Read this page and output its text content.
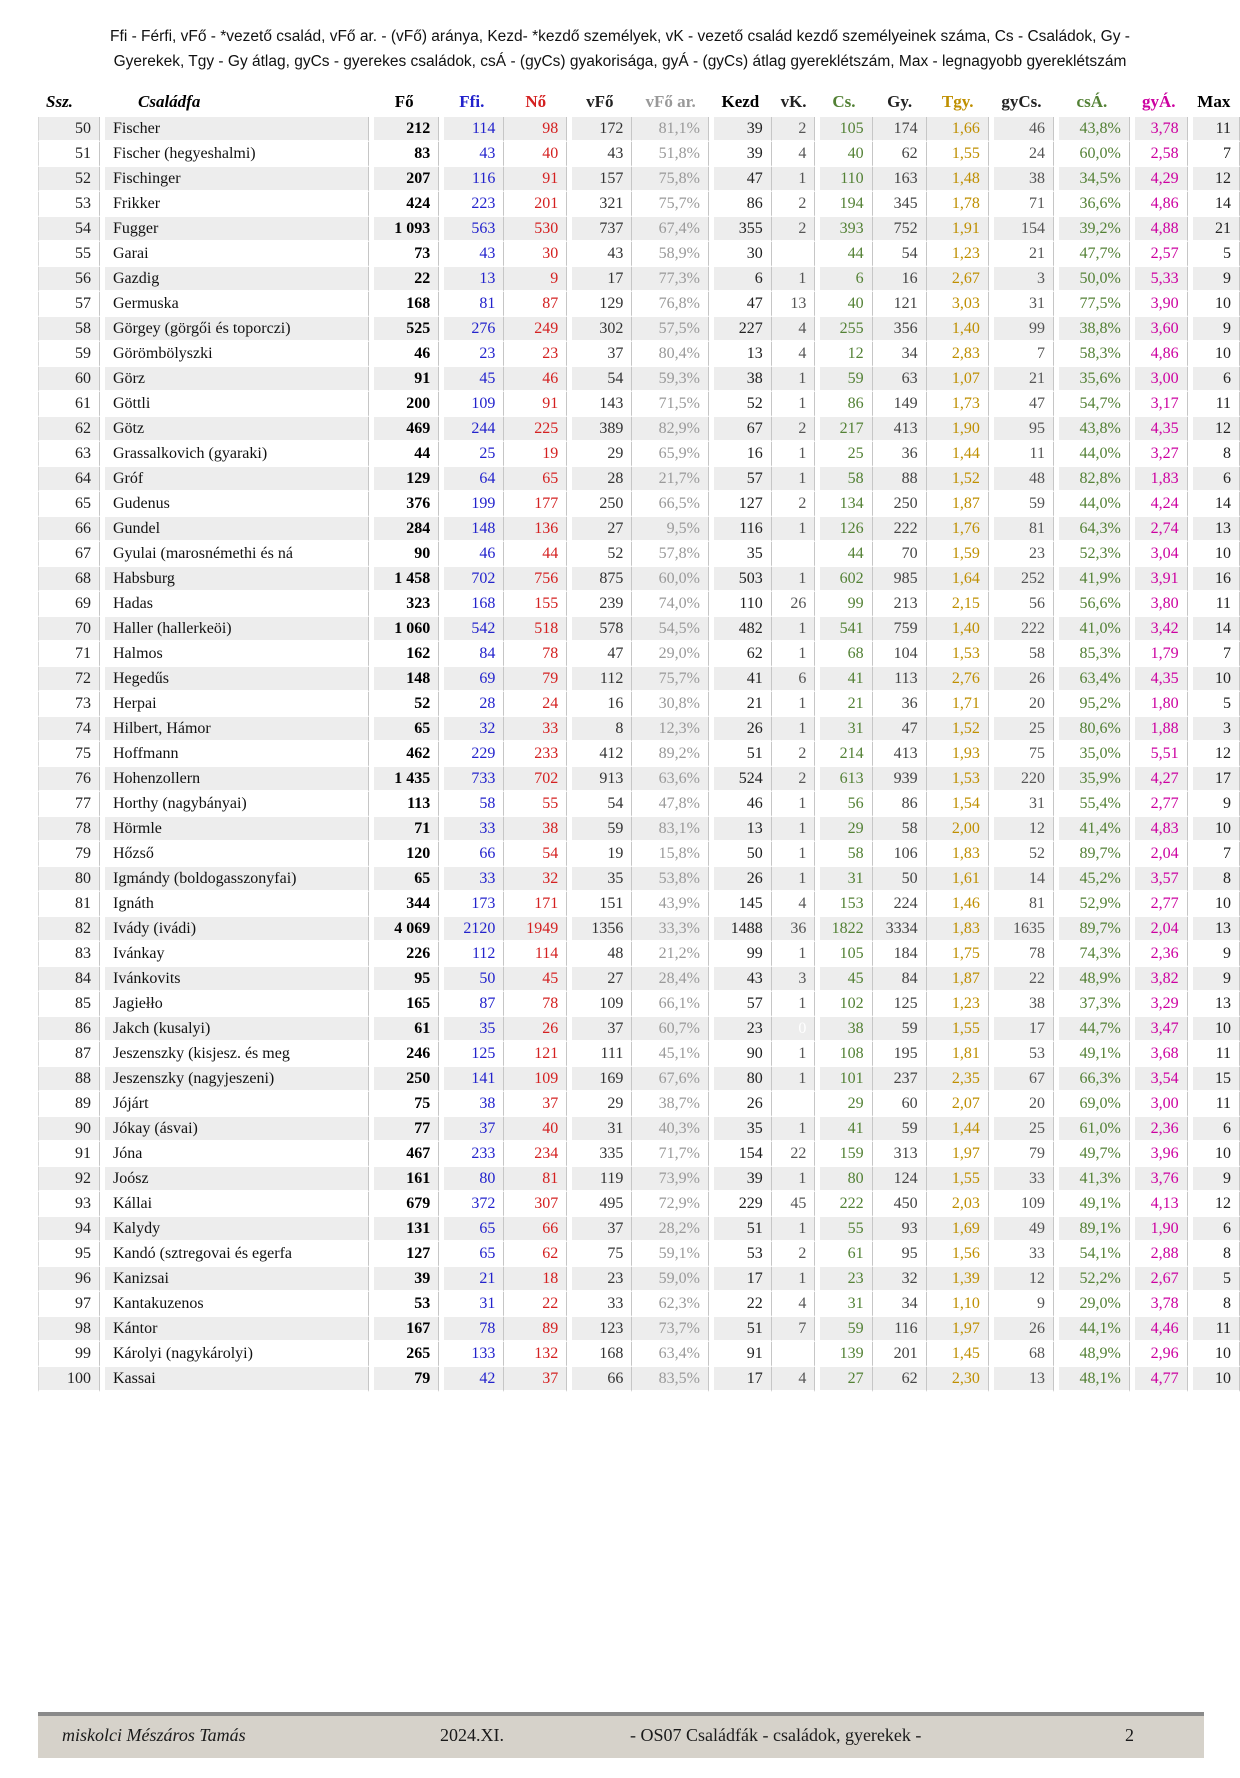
Ffi - Férfi, vFő - *vezető család, vFő ar. - (vFő) aránya, Kezd- *kezdő személyek, vK - vezető család kezdő személyeinek száma, Cs - Családok, Gy -
Gyerekek, Tgy - Gy átlag, gyCs - gyerekes családok, csÁ - (gyCs) gyakorisága, gyÁ - (gyCs) átlag gyereklétszám, Max - legnagyobb gyereklétszám
Ssz.	Családfa	Fő	Ffi.	Nő	vFő	vFő ar.	Kezd	vK.	Cs.	Gy.	Tgy.	gyCs.	csÁ.	gyÁ.	Max
50	Fischer	212	114	98	172	81,1%	39	2	105	174	1,66	46	43,8%	3,78	11
51	Fischer (hegyeshalmi)	83	43	40	43	51,8%	39	4	40	62	1,55	24	60,0%	2,58	7
52	Fischinger	207	116	91	157	75,8%	47	1	110	163	1,48	38	34,5%	4,29	12
53	Frikker	424	223	201	321	75,7%	86	2	194	345	1,78	71	36,6%	4,86	14
54	Fugger	1 093	563	530	737	67,4%	355	2	393	752	1,91	154	39,2%	4,88	21
55	Garai	73	43	30	43	58,9%	30		44	54	1,23	21	47,7%	2,57	5
56	Gazdig	22	13	9	17	77,3%	6	1	6	16	2,67	3	50,0%	5,33	9
57	Germuska	168	81	87	129	76,8%	47	13	40	121	3,03	31	77,5%	3,90	10
58	Görgey (görgői és toporczi)	525	276	249	302	57,5%	227	4	255	356	1,40	99	38,8%	3,60	9
59	Görömbölyszki	46	23	23	37	80,4%	13	4	12	34	2,83	7	58,3%	4,86	10
60	Görz	91	45	46	54	59,3%	38	1	59	63	1,07	21	35,6%	3,00	6
61	Göttli	200	109	91	143	71,5%	52	1	86	149	1,73	47	54,7%	3,17	11
62	Götz	469	244	225	389	82,9%	67	2	217	413	1,90	95	43,8%	4,35	12
63	Grassalkovich (gyaraki)	44	25	19	29	65,9%	16	1	25	36	1,44	11	44,0%	3,27	8
64	Gróf	129	64	65	28	21,7%	57	1	58	88	1,52	48	82,8%	1,83	6
65	Gudenus	376	199	177	250	66,5%	127	2	134	250	1,87	59	44,0%	4,24	14
66	Gundel	284	148	136	27	9,5%	116	1	126	222	1,76	81	64,3%	2,74	13
67	Gyulai (marosnémethi és ná	90	46	44	52	57,8%	35		44	70	1,59	23	52,3%	3,04	10
68	Habsburg	1 458	702	756	875	60,0%	503	1	602	985	1,64	252	41,9%	3,91	16
69	Hadas	323	168	155	239	74,0%	110	26	99	213	2,15	56	56,6%	3,80	11
70	Haller (hallerkeöi)	1 060	542	518	578	54,5%	482	1	541	759	1,40	222	41,0%	3,42	14
71	Halmos	162	84	78	47	29,0%	62	1	68	104	1,53	58	85,3%	1,79	7
72	Hegedűs	148	69	79	112	75,7%	41	6	41	113	2,76	26	63,4%	4,35	10
73	Herpai	52	28	24	16	30,8%	21	1	21	36	1,71	20	95,2%	1,80	5
74	Hilbert, Hámor	65	32	33	8	12,3%	26	1	31	47	1,52	25	80,6%	1,88	3
75	Hoffmann	462	229	233	412	89,2%	51	2	214	413	1,93	75	35,0%	5,51	12
76	Hohenzollern	1 435	733	702	913	63,6%	524	2	613	939	1,53	220	35,9%	4,27	17
77	Horthy (nagybányai)	113	58	55	54	47,8%	46	1	56	86	1,54	31	55,4%	2,77	9
78	Hörmle	71	33	38	59	83,1%	13	1	29	58	2,00	12	41,4%	4,83	10
79	Hőzső	120	66	54	19	15,8%	50	1	58	106	1,83	52	89,7%	2,04	7
80	Igmándy (boldogasszonyfai)	65	33	32	35	53,8%	26	1	31	50	1,61	14	45,2%	3,57	8
81	Ignáth	344	173	171	151	43,9%	145	4	153	224	1,46	81	52,9%	2,77	10
82	Ivády (ivádi)	4 069	2120	1949	1356	33,3%	1488	36	1822	3334	1,83	1635	89,7%	2,04	13
83	Ivánkay	226	112	114	48	21,2%	99	1	105	184	1,75	78	74,3%	2,36	9
84	Ivánkovits	95	50	45	27	28,4%	43	3	45	84	1,87	22	48,9%	3,82	9
85	Jagiełło	165	87	78	109	66,1%	57	1	102	125	1,23	38	37,3%	3,29	13
86	Jakch (kusalyi)	61	35	26	37	60,7%	23	0	38	59	1,55	17	44,7%	3,47	10
87	Jeszenszky (kisjesz. és meg	246	125	121	111	45,1%	90	1	108	195	1,81	53	49,1%	3,68	11
88	Jeszenszky (nagyjeszeni)	250	141	109	169	67,6%	80	1	101	237	2,35	67	66,3%	3,54	15
89	Jójárt	75	38	37	29	38,7%	26		29	60	2,07	20	69,0%	3,00	11
90	Jókay (ásvai)	77	37	40	31	40,3%	35	1	41	59	1,44	25	61,0%	2,36	6
91	Jóna	467	233	234	335	71,7%	154	22	159	313	1,97	79	49,7%	3,96	10
92	Joósz	161	80	81	119	73,9%	39	1	80	124	1,55	33	41,3%	3,76	9
93	Kállai	679	372	307	495	72,9%	229	45	222	450	2,03	109	49,1%	4,13	12
94	Kalydy	131	65	66	37	28,2%	51	1	55	93	1,69	49	89,1%	1,90	6
95	Kandó (sztregovai és egerfa	127	65	62	75	59,1%	53	2	61	95	1,56	33	54,1%	2,88	8
96	Kanizsai	39	21	18	23	59,0%	17	1	23	32	1,39	12	52,2%	2,67	5
97	Kantakuzenos	53	31	22	33	62,3%	22	4	31	34	1,10	9	29,0%	3,78	8
98	Kántor	167	78	89	123	73,7%	51	7	59	116	1,97	26	44,1%	4,46	11
99	Károlyi (nagykárolyi)	265	133	132	168	63,4%	91		139	201	1,45	68	48,9%	2,96	10
100	Kassai	79	42	37	66	83,5%	17	4	27	62	2,30	13	48,1%	4,77	10
miskolci Mészáros Tamás	2024.XI.	- OS07 Családfák - családok, gyerekek -	2
